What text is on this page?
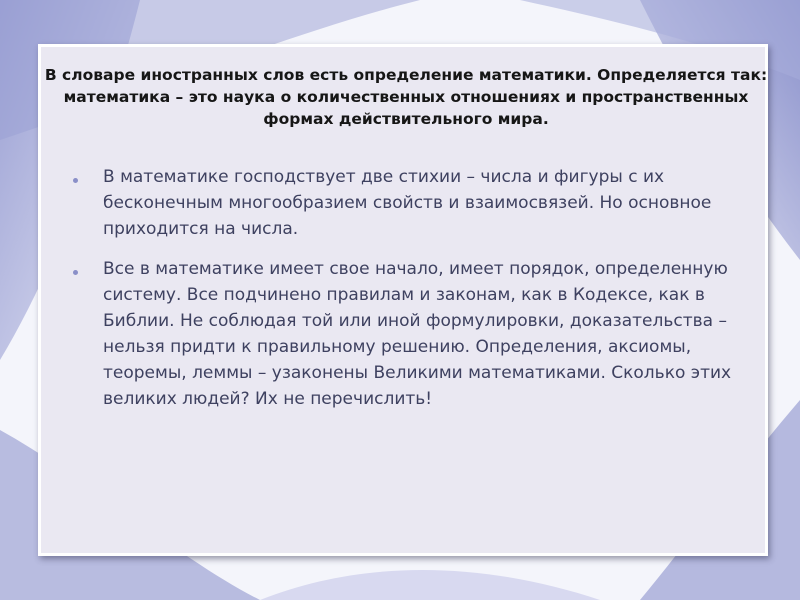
В словаре иностранных слов есть определение математики. Определяется так: математика – это наука о количественных отношениях и пространственных формах действительного мира.

В математике господствует две стихии – числа и фигуры с их бесконечным многообразием свойств и взаимосвязей. Но основное приходится на числа.
Все в математике имеет свое начало, имеет порядок, определенную систему. Все подчинено правилам и законам, как в Кодексе, как в Библии. Не соблюдая той или иной формулировки, доказательства – нельзя придти к правильному решению. Определения, аксиомы, теоремы, леммы – узаконены Великими математиками. Сколько этих великих людей? Их не перечислить!
